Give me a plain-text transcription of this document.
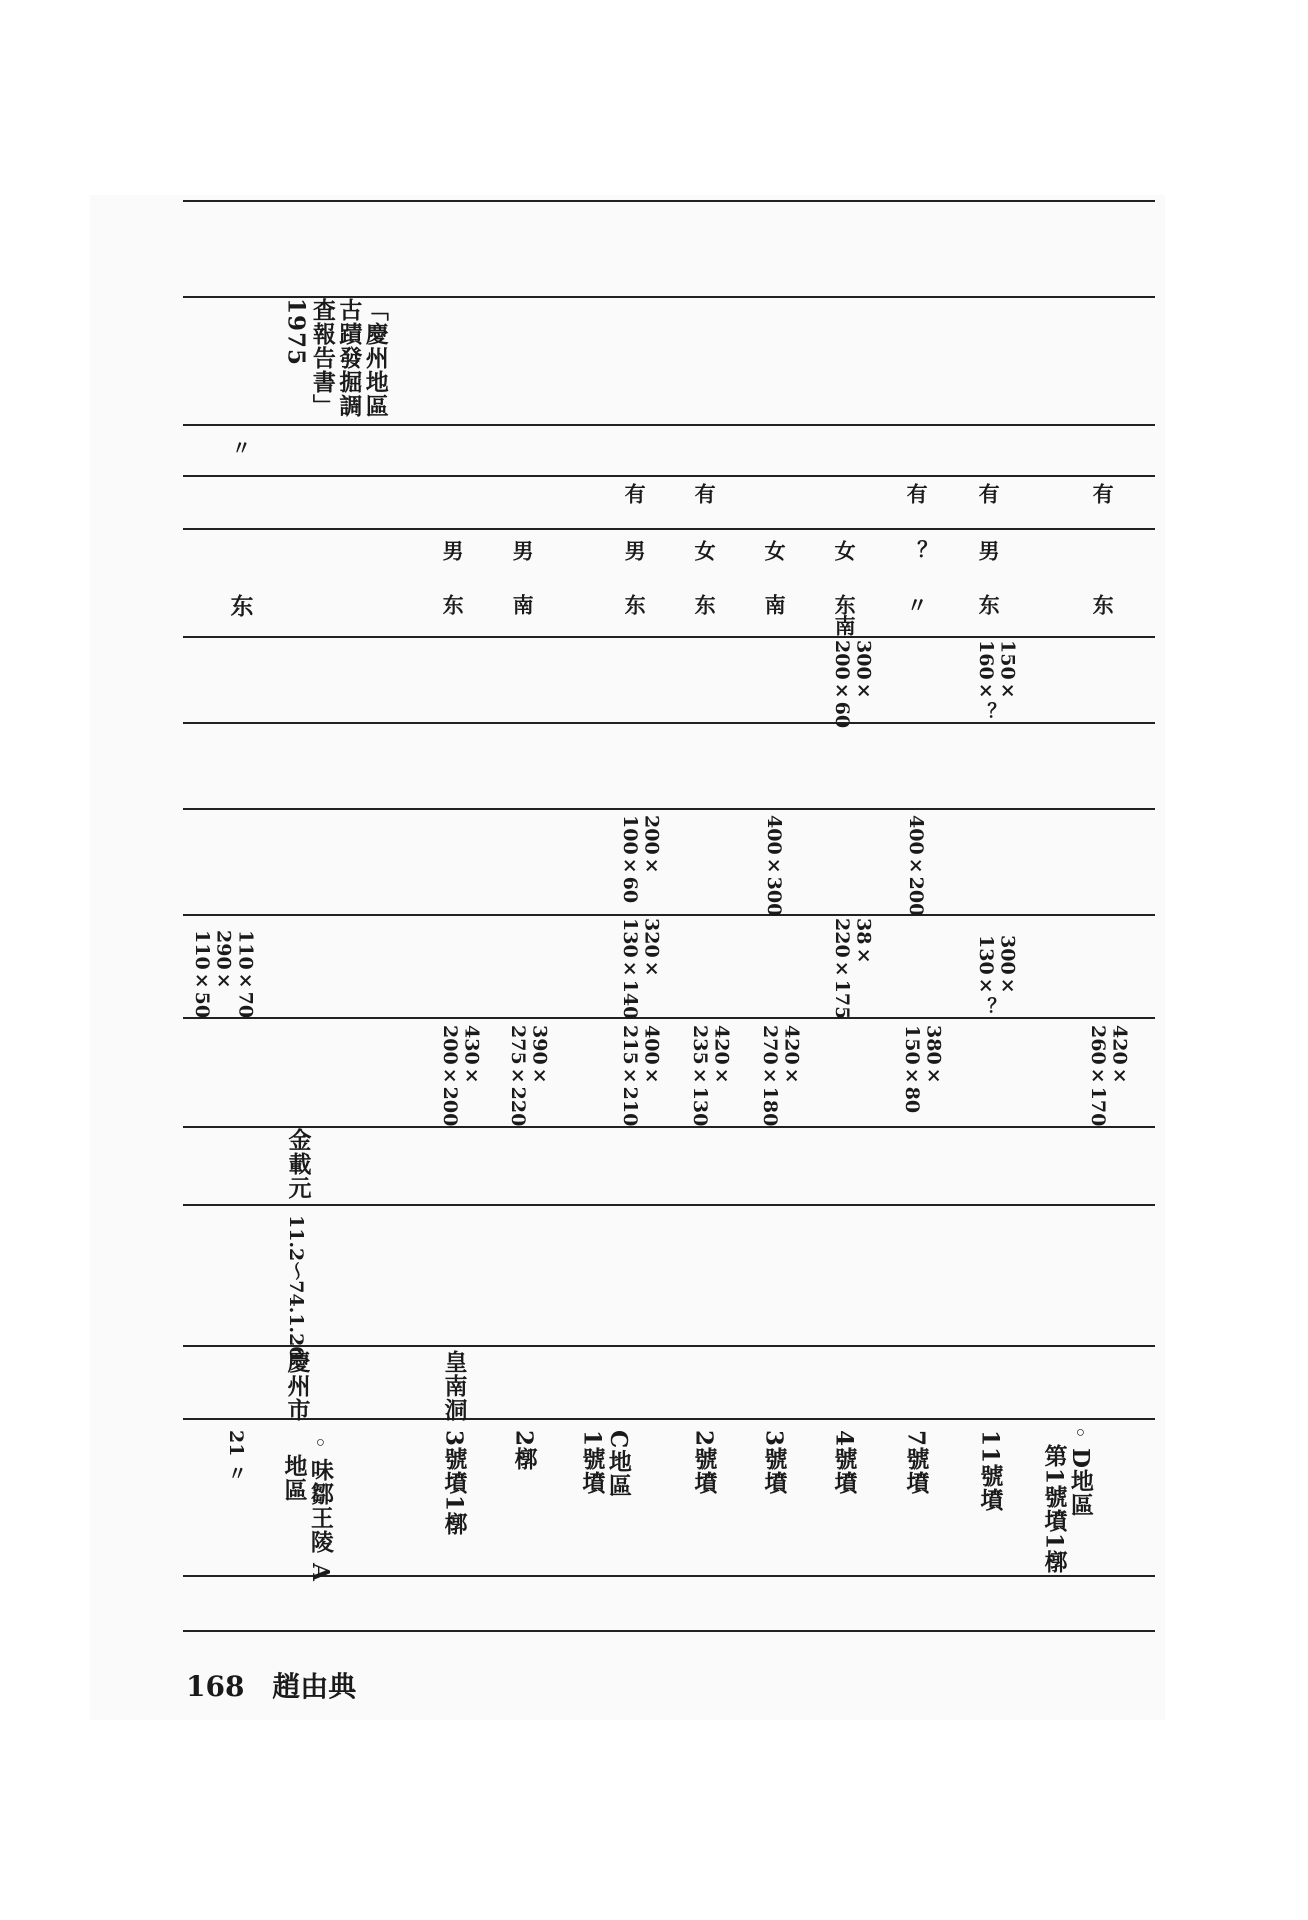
21 〃
〃
东
110×70
290×
110×50
◦味鄒王陵 A
　地區
慶州市
11.2～74.1.20
金載元
「慶州地區
古蹟發掘調
査報告書」
1975
3號墳1槨
皇南洞
430×
200×200
东
男
2槨
390×
275×220
南
男
C地區
1號墳
400×
215×210
320×
130×140
200×
100×60
东
男
有
2號墳
420×
235×130
东
女
有
3號墳
420×
270×180
400×300
南
女
4號墳
38×
220×175
300×
200×60
东南
女
7號墳
380×
150×80
400×200
〃
？
有
11號墳
300×
130×？
150×
160×？
东
男
有
◦D地區
　第1號墳1槨
420×
260×170
东
有
168 趙由典
